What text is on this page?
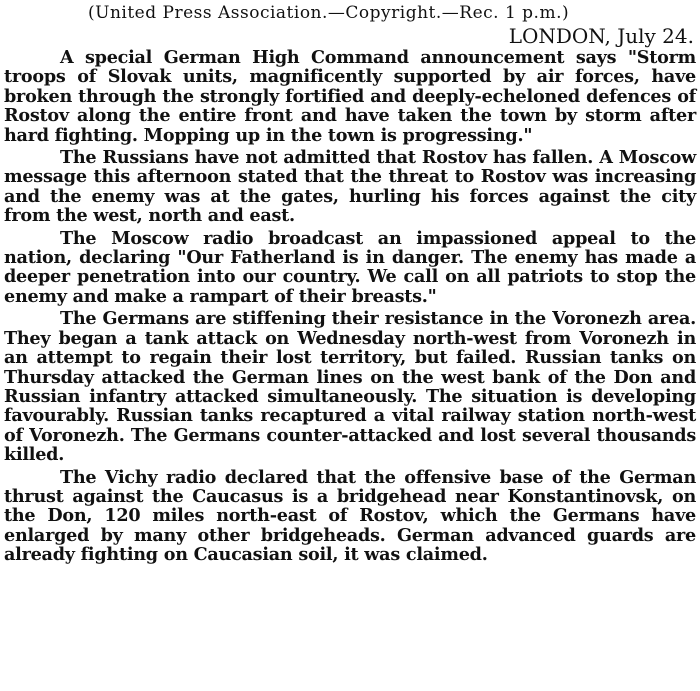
(United Press Association.—Copyright.—Rec. 1 p.m.)

LONDON, July 24.

A special German High Command announcement says "Storm troops of Slovak units, magnificently supported by air forces, have broken through the strongly fortified and deeply-echeloned defences of Rostov along the entire front and have taken the town by storm after hard fighting. Mopping up in the town is progressing."

The Russians have not admitted that Rostov has fallen. A Moscow message this afternoon stated that the threat to Rostov was increasing and the enemy was at the gates, hurling his forces against the city from the west, north and east.

The Moscow radio broadcast an impassioned appeal to the nation, declaring "Our Fatherland is in danger. The enemy has made a deeper penetration into our country. We call on all patriots to stop the enemy and make a rampart of their breasts."

The Germans are stiffening their resistance in the Voronezh area. They began a tank attack on Wednesday north-west from Voronezh in an attempt to regain their lost territory, but failed. Russian tanks on Thursday attacked the German lines on the west bank of the Don and Russian infantry attacked simultaneously. The situation is developing favourably. Russian tanks recaptured a vital railway station north-west of Voronezh. The Germans counter-attacked and lost several thousands killed.

The Vichy radio declared that the offensive base of the German thrust against the Caucasus is a bridgehead near Konstantinovsk, on the Don, 120 miles north-east of Rostov, which the Germans have enlarged by many other bridgeheads. German advanced guards are already fighting on Caucasian soil, it was claimed.
